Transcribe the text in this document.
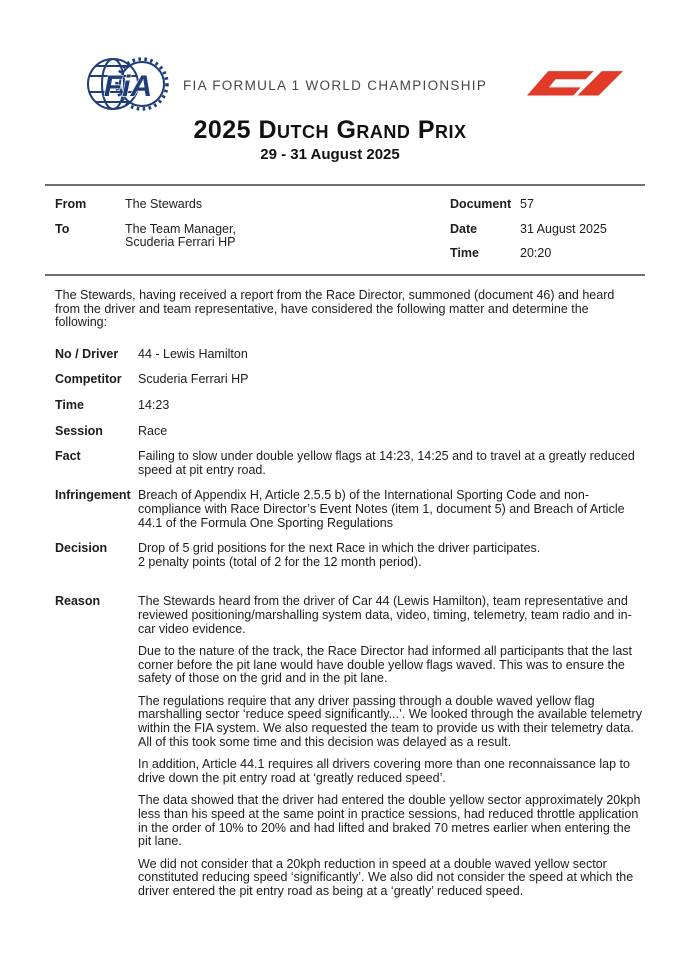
FiA FIA FORMULA 1 WORLD CHAMPIONSHIP
2025 Dutch Grand Prix
29 - 31 August 2025
From	The Stewards
To	The Team Manager,
Scuderia Ferrari HP
Document 57
Date	31 August 2025
Time	20:20

The Stewards, having received a report from the Race Director, summoned (document 46) and heard from the driver and team representative, have considered the following matter and determine the following:

No / Driver	44 - Lewis Hamilton
Competitor	Scuderia Ferrari HP
Time	14:23
Session	Race
Fact	Failing to slow under double yellow flags at 14:23, 14:25 and to travel at a greatly reduced speed at pit entry road.
Infringement Breach of Appendix H, Article 2.5.5 b) of the International Sporting Code and non-compliance with Race Director’s Event Notes (item 1, document 5) and Breach of Article 44.1 of the Formula One Sporting Regulations
Decision	Drop of 5 grid positions for the next Race in which the driver participates.
2 penalty points (total of 2 for the 12 month period).
Reason	The Stewards heard from the driver of Car 44 (Lewis Hamilton), team representative and reviewed positioning/marshalling system data, video, timing, telemetry, team radio and in-car video evidence.

Due to the nature of the track, the Race Director had informed all participants that the last corner before the pit lane would have double yellow flags waved. This was to ensure the safety of those on the grid and in the pit lane.

The regulations require that any driver passing through a double waved yellow flag marshalling sector ‘reduce speed significantly...’. We looked through the available telemetry within the FIA system. We also requested the team to provide us with their telemetry data. All of this took some time and this decision was delayed as a result.

In addition, Article 44.1 requires all drivers covering more than one reconnaissance lap to drive down the pit entry road at ‘greatly reduced speed’.

The data showed that the driver had entered the double yellow sector approximately 20kph less than his speed at the same point in practice sessions, had reduced throttle application in the order of 10% to 20% and had lifted and braked 70 metres earlier when entering the pit lane.

We did not consider that a 20kph reduction in speed at a double waved yellow sector constituted reducing speed ‘significantly’. We also did not consider the speed at which the driver entered the pit entry road as being at a ‘greatly’ reduced speed.
